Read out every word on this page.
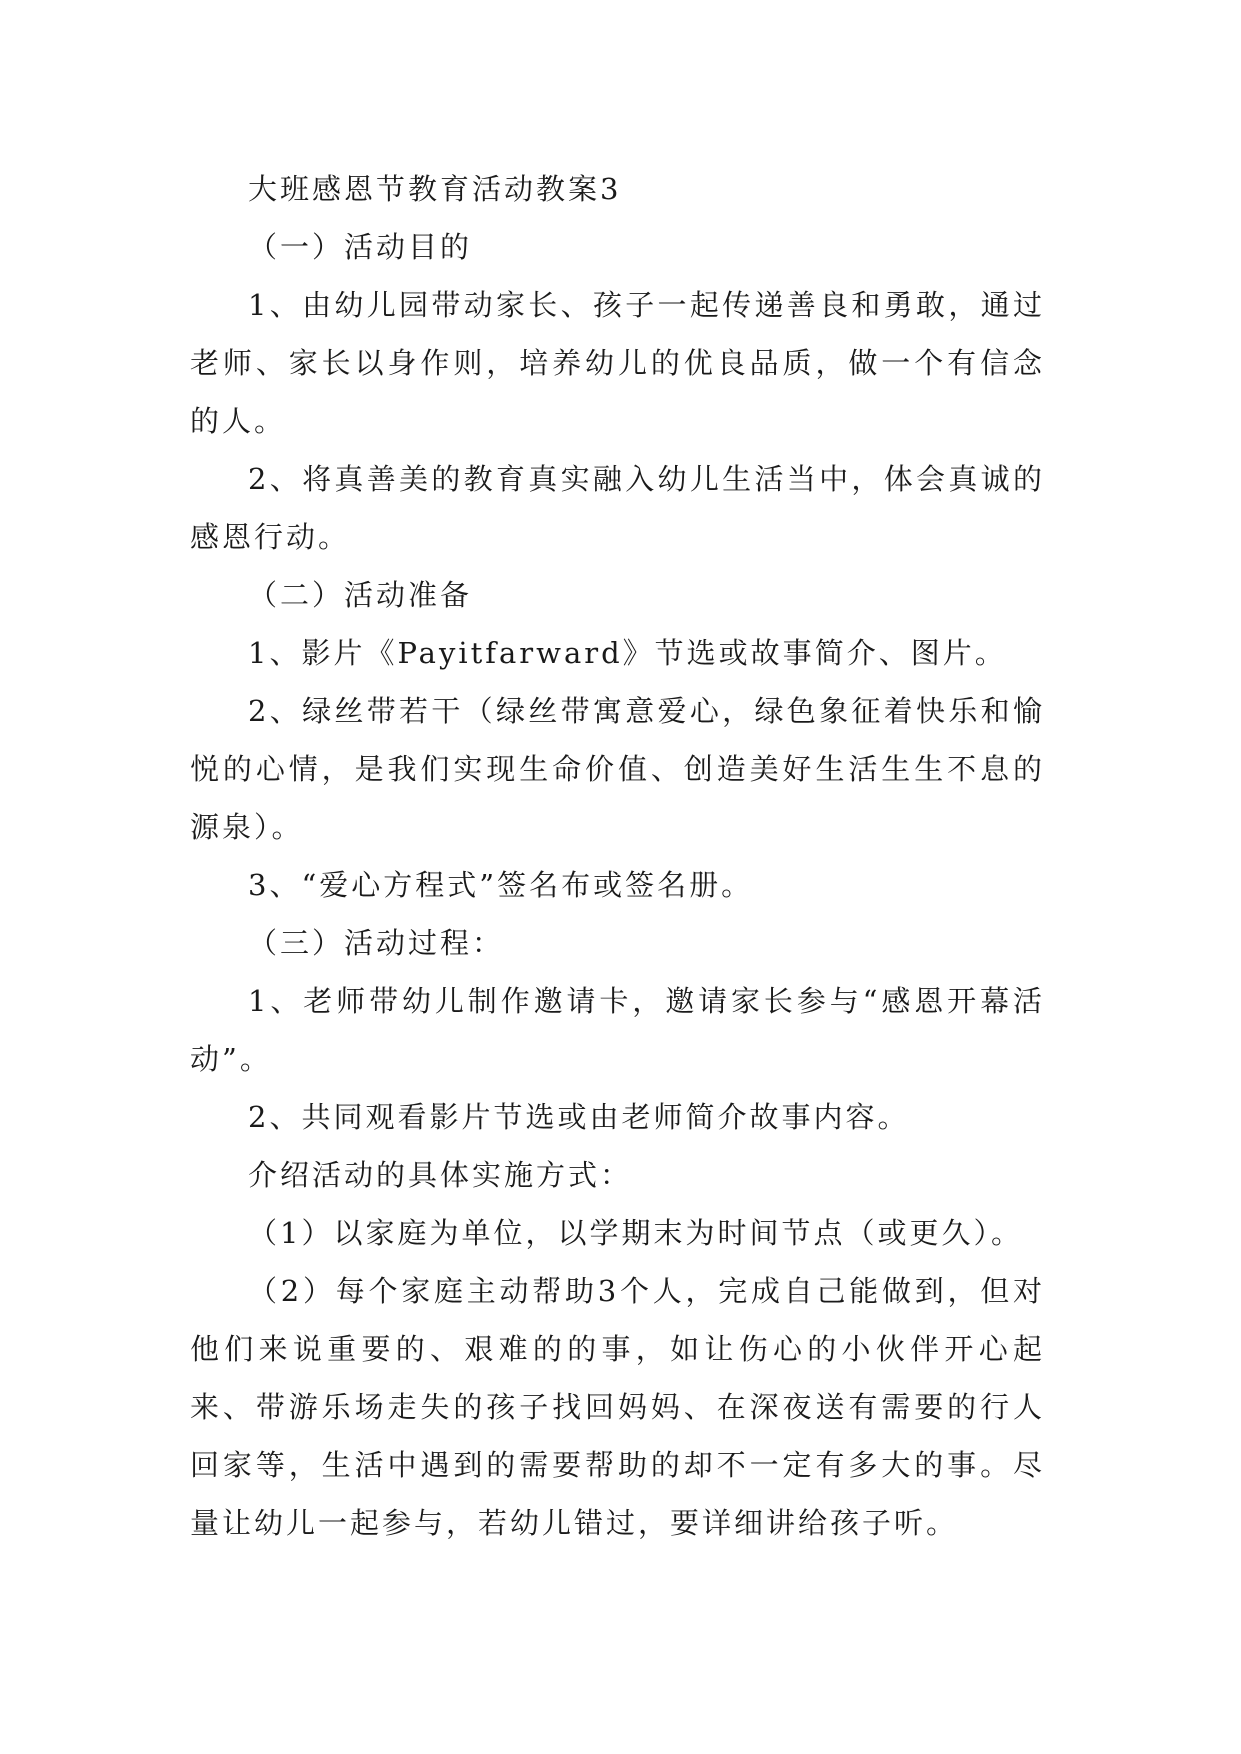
大班感恩节教育活动教案3

（一）活动目的

1、由幼儿园带动家长、孩子一起传递善良和勇敢，通过老师、家长以身作则，培养幼儿的优良品质，做一个有信念的人。

2、将真善美的教育真实融入幼儿生活当中，体会真诚的感恩行动。

（二）活动准备

1、影片《Payitfarward》节选或故事简介、图片。

2、绿丝带若干（绿丝带寓意爱心，绿色象征着快乐和愉悦的心情，是我们实现生命价值、创造美好生活生生不息的源泉）。

3、“爱心方程式”签名布或签名册。

（三）活动过程：

1、老师带幼儿制作邀请卡，邀请家长参与“感恩开幕活动”。

2、共同观看影片节选或由老师简介故事内容。

介绍活动的具体实施方式：

（1）以家庭为单位，以学期末为时间节点（或更久）。

（2）每个家庭主动帮助3个人，完成自己能做到，但对他们来说重要的、艰难的的事，如让伤心的小伙伴开心起来、带游乐场走失的孩子找回妈妈、在深夜送有需要的行人回家等，生活中遇到的需要帮助的却不一定有多大的事。尽量让幼儿一起参与，若幼儿错过，要详细讲给孩子听。
